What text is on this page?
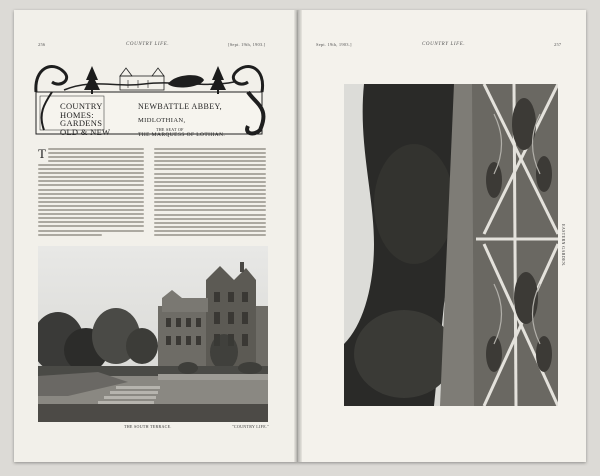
256	COUNTRY LIFE.	[Sept. 19th, 1903.]
COUNTRY
HOMES:
GARDENS
OLD & NEW
NEWBATTLE ABBEY,
MIDLOTHIAN,
THE SEAT OF
THE MARQUESS OF LOTHIAN.
T
THE SOUTH TERRACE.	"COUNTRY LIFE."
Sept. 19th, 1903.]	COUNTRY LIFE.	257
EASTERN GARDEN.
